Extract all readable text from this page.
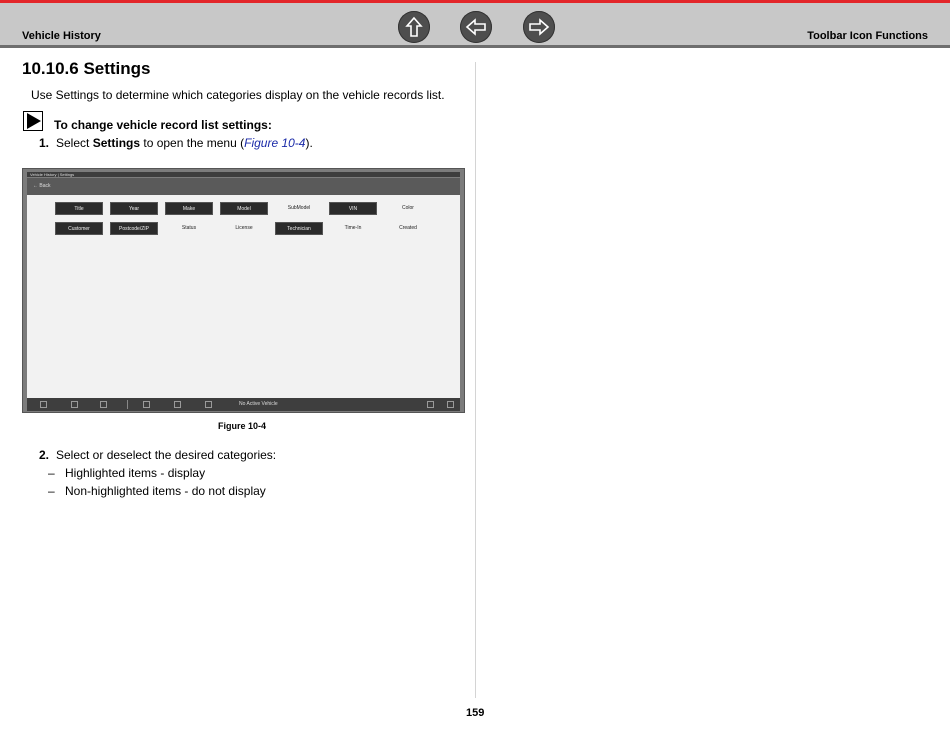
Vehicle History	Toolbar Icon Functions
10.10.6 Settings
Use Settings to determine which categories display on the vehicle records list.
To change vehicle record list settings:
1. Select Settings to open the menu (Figure 10-4).
Vehicle History | Settings
← Back
Title	Year	Make	Model	SubModel	VIN	Color
Customer	Postcode/ZIP	Status	License	Technician	Time-In	Created
No Active Vehicle
Figure 10-4
2. Select or deselect the desired categories:
– Highlighted items - display
– Non-highlighted items - do not display
159
